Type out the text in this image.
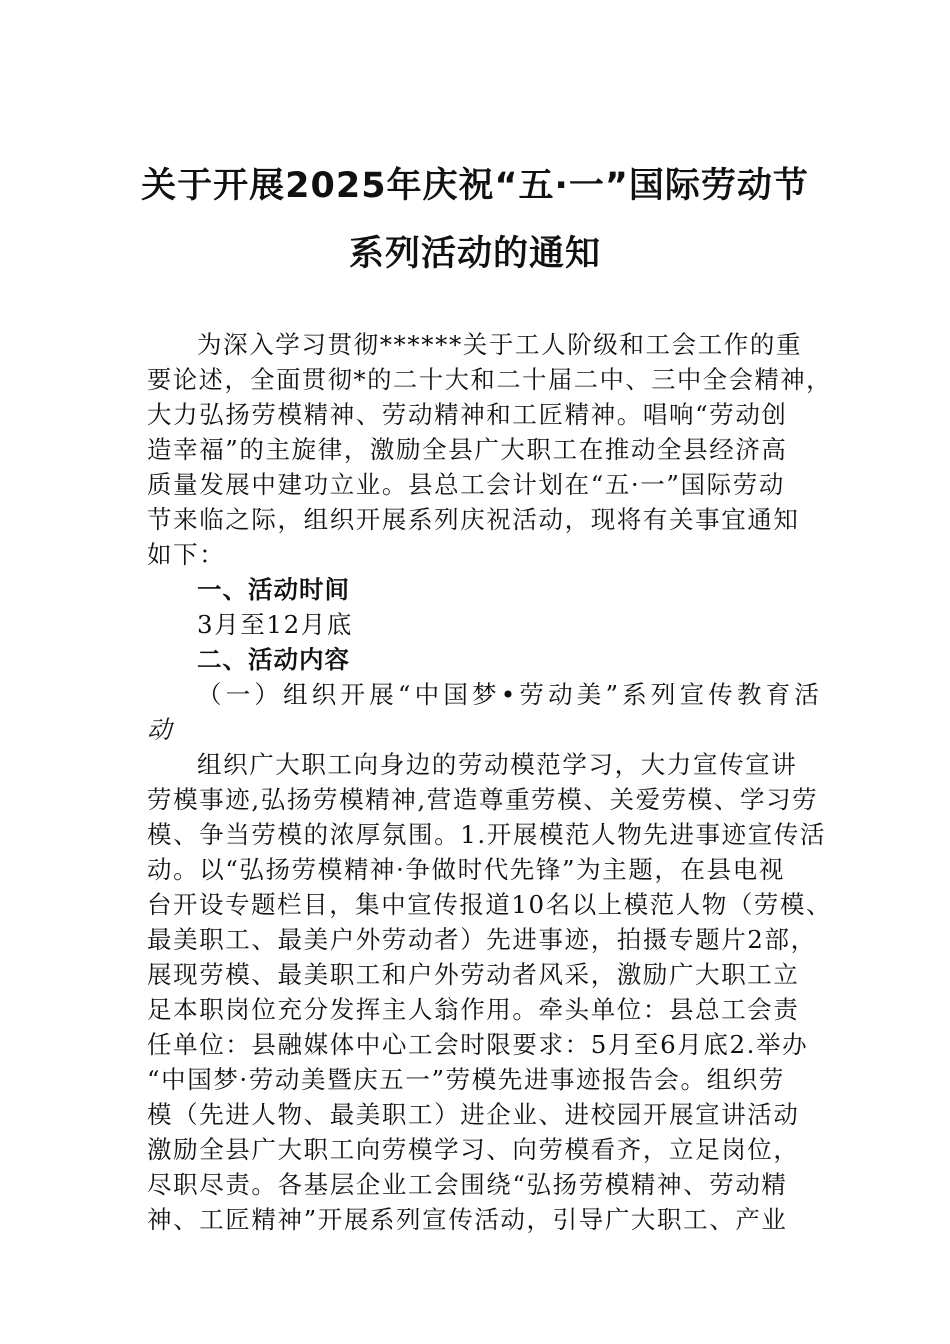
关于开展2025年庆祝“五·一”国际劳动节
系列活动的通知
为深入学习贯彻******关于工人阶级和工会工作的重
要论述，全面贯彻*的二十大和二十届二中、三中全会精神，
大力弘扬劳模精神、劳动精神和工匠精神。唱响“劳动创
造幸福”的主旋律，激励全县广大职工在推动全县经济高
质量发展中建功立业。县总工会计划在“五·一”国际劳动
节来临之际，组织开展系列庆祝活动，现将有关事宜通知
如下：
一、活动时间
3月至12月底
二、活动内容
（一）组织开展“中国梦•劳动美”系列宣传教育活
动
组织广大职工向身边的劳动模范学习，大力宣传宣讲
劳模事迹,弘扬劳模精神,营造尊重劳模、关爱劳模、学习劳
模、争当劳模的浓厚氛围。1.开展模范人物先进事迹宣传活
动。以“弘扬劳模精神·争做时代先锋”为主题，在县电视
台开设专题栏目，集中宣传报道10名以上模范人物（劳模、
最美职工、最美户外劳动者）先进事迹，拍摄专题片2部，
展现劳模、最美职工和户外劳动者风采，激励广大职工立
足本职岗位充分发挥主人翁作用。牵头单位：县总工会责
任单位：县融媒体中心工会时限要求：5月至6月底2.举办
“中国梦·劳动美暨庆五一”劳模先进事迹报告会。组织劳
模（先进人物、最美职工）进企业、进校园开展宣讲活动
激励全县广大职工向劳模学习、向劳模看齐，立足岗位，
尽职尽责。各基层企业工会围绕“弘扬劳模精神、劳动精
神、工匠精神”开展系列宣传活动，引导广大职工、产业
